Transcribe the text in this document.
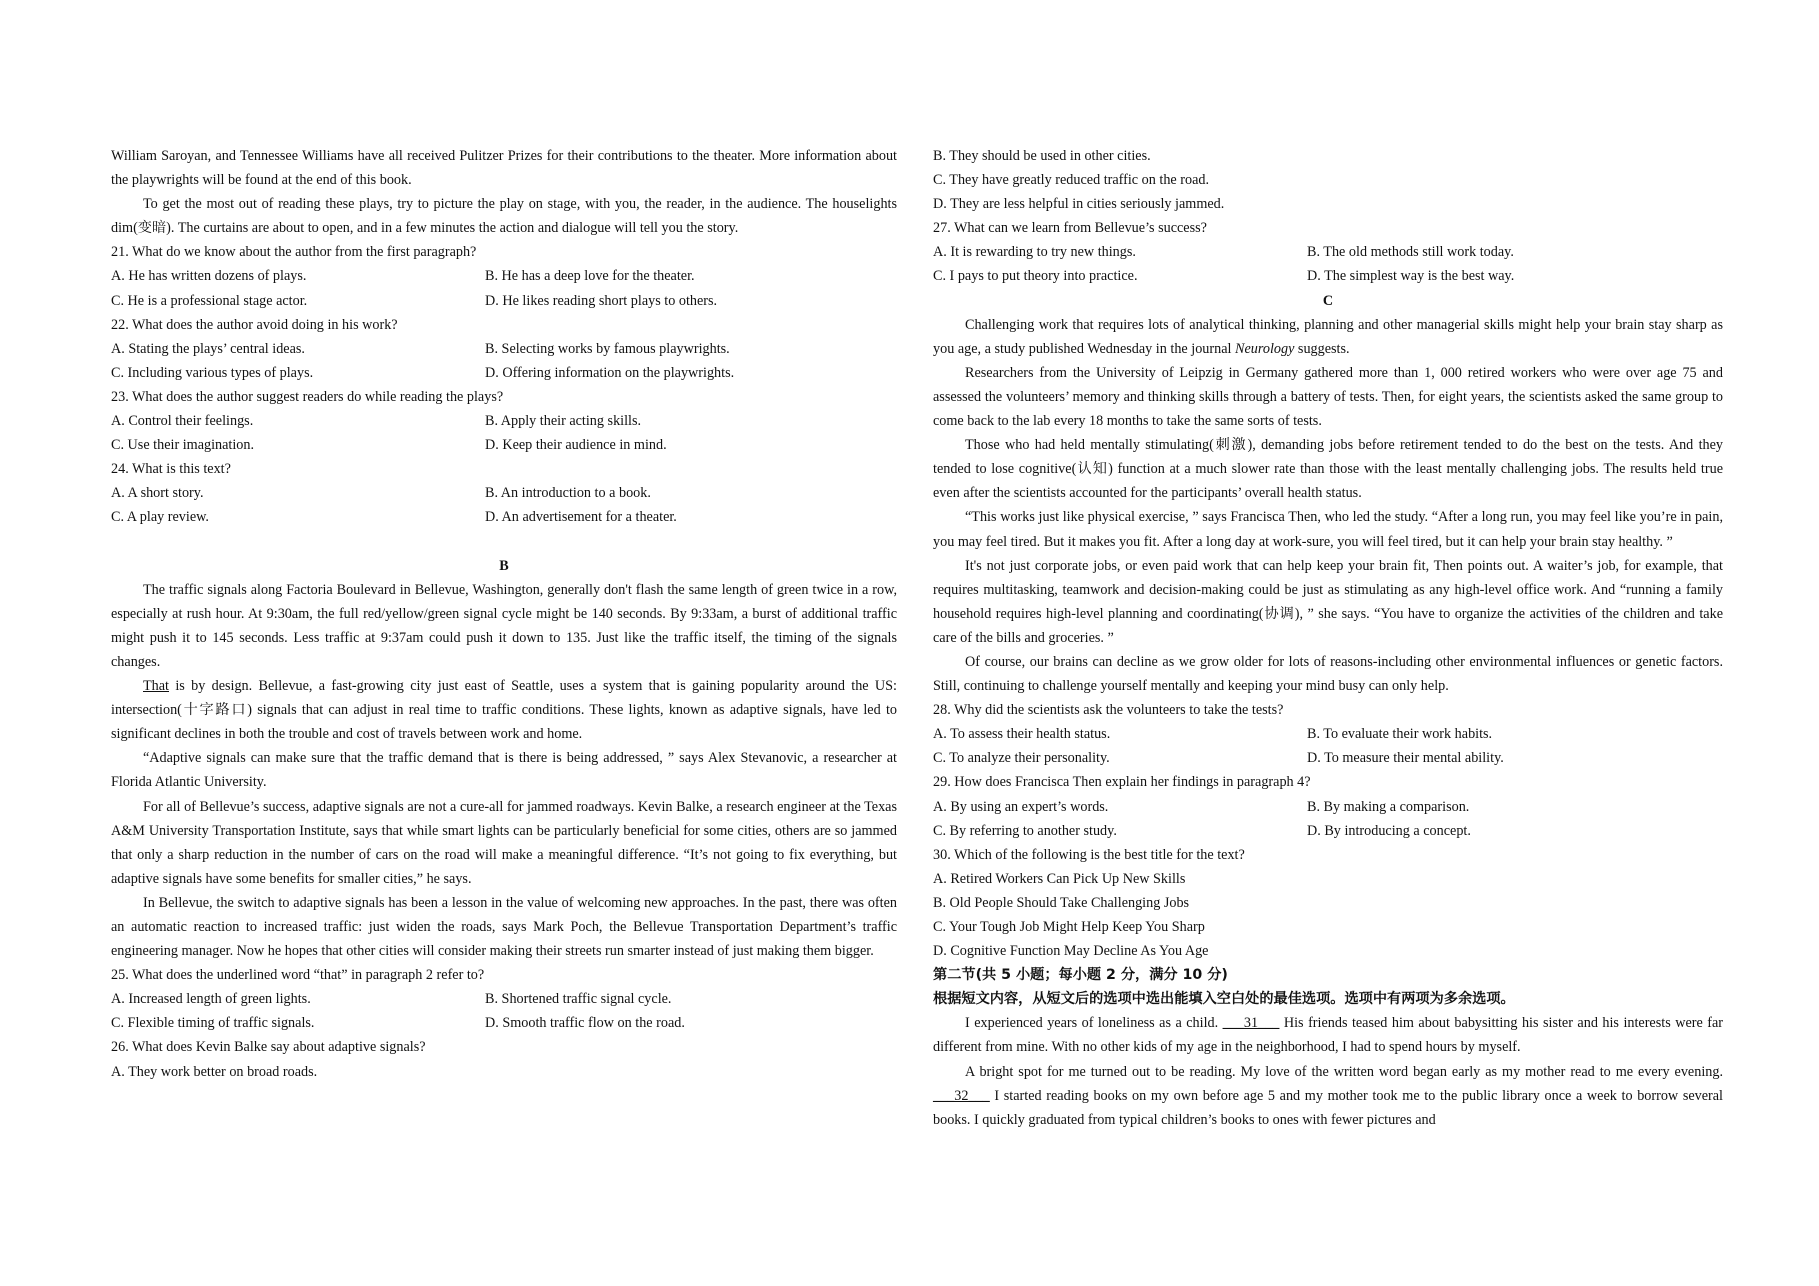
William Saroyan, and Tennessee Williams have all received Pulitzer Prizes for their contributions to the theater. More information about the playwrights will be found at the end of this book.
To get the most out of reading these plays, try to picture the play on stage, with you, the reader, in the audience. The houselights dim(变暗). The curtains are about to open, and in a few minutes the action and dialogue will tell you the story.
21. What do we know about the author from the first paragraph?
A. He has written dozens of plays.	B. He has a deep love for the theater.
C. He is a professional stage actor.	D. He likes reading short plays to others.
22. What does the author avoid doing in his work?
A. Stating the plays’ central ideas.	B. Selecting works by famous playwrights.
C. Including various types of plays.	D. Offering information on the playwrights.
23. What does the author suggest readers do while reading the plays?
A. Control their feelings.	B. Apply their acting skills.
C. Use their imagination.	D. Keep their audience in mind.
24. What is this text?
A. A short story.	B. An introduction to a book.
C. A play review.	D. An advertisement for a theater.
B
The traffic signals along Factoria Boulevard in Bellevue, Washington, generally don't flash the same length of green twice in a row, especially at rush hour. At 9:30am, the full red/yellow/green signal cycle might be 140 seconds. By 9:33am, a burst of additional traffic might push it to 145 seconds. Less traffic at 9:37am could push it down to 135. Just like the traffic itself, the timing of the signals changes.
That is by design. Bellevue, a fast-growing city just east of Seattle, uses a system that is gaining popularity around the US: intersection(十字路口) signals that can adjust in real time to traffic conditions. These lights, known as adaptive signals, have led to significant declines in both the trouble and cost of travels between work and home.
“Adaptive signals can make sure that the traffic demand that is there is being addressed, ” says Alex Stevanovic, a researcher at Florida Atlantic University.
For all of Bellevue’s success, adaptive signals are not a cure-all for jammed roadways. Kevin Balke, a research engineer at the Texas A&M University Transportation Institute, says that while smart lights can be particularly beneficial for some cities, others are so jammed that only a sharp reduction in the number of cars on the road will make a meaningful difference. “It’s not going to fix everything, but adaptive signals have some benefits for smaller cities,” he says.
In Bellevue, the switch to adaptive signals has been a lesson in the value of welcoming new approaches. In the past, there was often an automatic reaction to increased traffic: just widen the roads, says Mark Poch, the Bellevue Transportation Department’s traffic engineering manager. Now he hopes that other cities will consider making their streets run smarter instead of just making them bigger.
25. What does the underlined word “that” in paragraph 2 refer to?
A. Increased length of green lights.	B. Shortened traffic signal cycle.
C. Flexible timing of traffic signals.	D. Smooth traffic flow on the road.
26. What does Kevin Balke say about adaptive signals?
A. They work better on broad roads.
B. They should be used in other cities.
C. They have greatly reduced traffic on the road.
D. They are less helpful in cities seriously jammed.
27. What can we learn from Bellevue’s success?
A. It is rewarding to try new things.	B. The old methods still work today.
C. I pays to put theory into practice.	D. The simplest way is the best way.
C
Challenging work that requires lots of analytical thinking, planning and other managerial skills might help your brain stay sharp as you age, a study published Wednesday in the journal Neurology suggests.
Researchers from the University of Leipzig in Germany gathered more than 1, 000 retired workers who were over age 75 and assessed the volunteers’ memory and thinking skills through a battery of tests. Then, for eight years, the scientists asked the same group to come back to the lab every 18 months to take the same sorts of tests.
Those who had held mentally stimulating(刺激), demanding jobs before retirement tended to do the best on the tests. And they tended to lose cognitive(认知) function at a much slower rate than those with the least mentally challenging jobs. The results held true even after the scientists accounted for the participants’ overall health status.
“This works just like physical exercise, ” says Francisca Then, who led the study. “After a long run, you may feel like you’re in pain, you may feel tired. But it makes you fit. After a long day at work-sure, you will feel tired, but it can help your brain stay healthy. ”
It's not just corporate jobs, or even paid work that can help keep your brain fit, Then points out. A waiter’s job, for example, that requires multitasking, teamwork and decision-making could be just as stimulating as any high-level office work. And “running a family household requires high-level planning and coordinating(协调), ” she says. “You have to organize the activities of the children and take care of the bills and groceries. ”
Of course, our brains can decline as we grow older for lots of reasons-including other environmental influences or genetic factors. Still, continuing to challenge yourself mentally and keeping your mind busy can only help.
28. Why did the scientists ask the volunteers to take the tests?
A. To assess their health status.	B. To evaluate their work habits.
C. To analyze their personality.	D. To measure their mental ability.
29. How does Francisca Then explain her findings in paragraph 4?
A. By using an expert’s words.	B. By making a comparison.
C. By referring to another study.	D. By introducing a concept.
30. Which of the following is the best title for the text?
A. Retired Workers Can Pick Up New Skills
B. Old People Should Take Challenging Jobs
C. Your Tough Job Might Help Keep You Sharp
D. Cognitive Function May Decline As You Age
第二节(共 5 小题；每小题 2 分，满分 10 分)
根据短文内容，从短文后的选项中选出能填入空白处的最佳选项。选项中有两项为多余选项。
I experienced years of loneliness as a child. ___31___ His friends teased him about babysitting his sister and his interests were far different from mine. With no other kids of my age in the neighborhood, I had to spend hours by myself.
A bright spot for me turned out to be reading. My love of the written word began early as my mother read to me every evening. ___32___ I started reading books on my own before age 5 and my mother took me to the public library once a week to borrow several books. I quickly graduated from typical children’s books to ones with fewer pictures and
